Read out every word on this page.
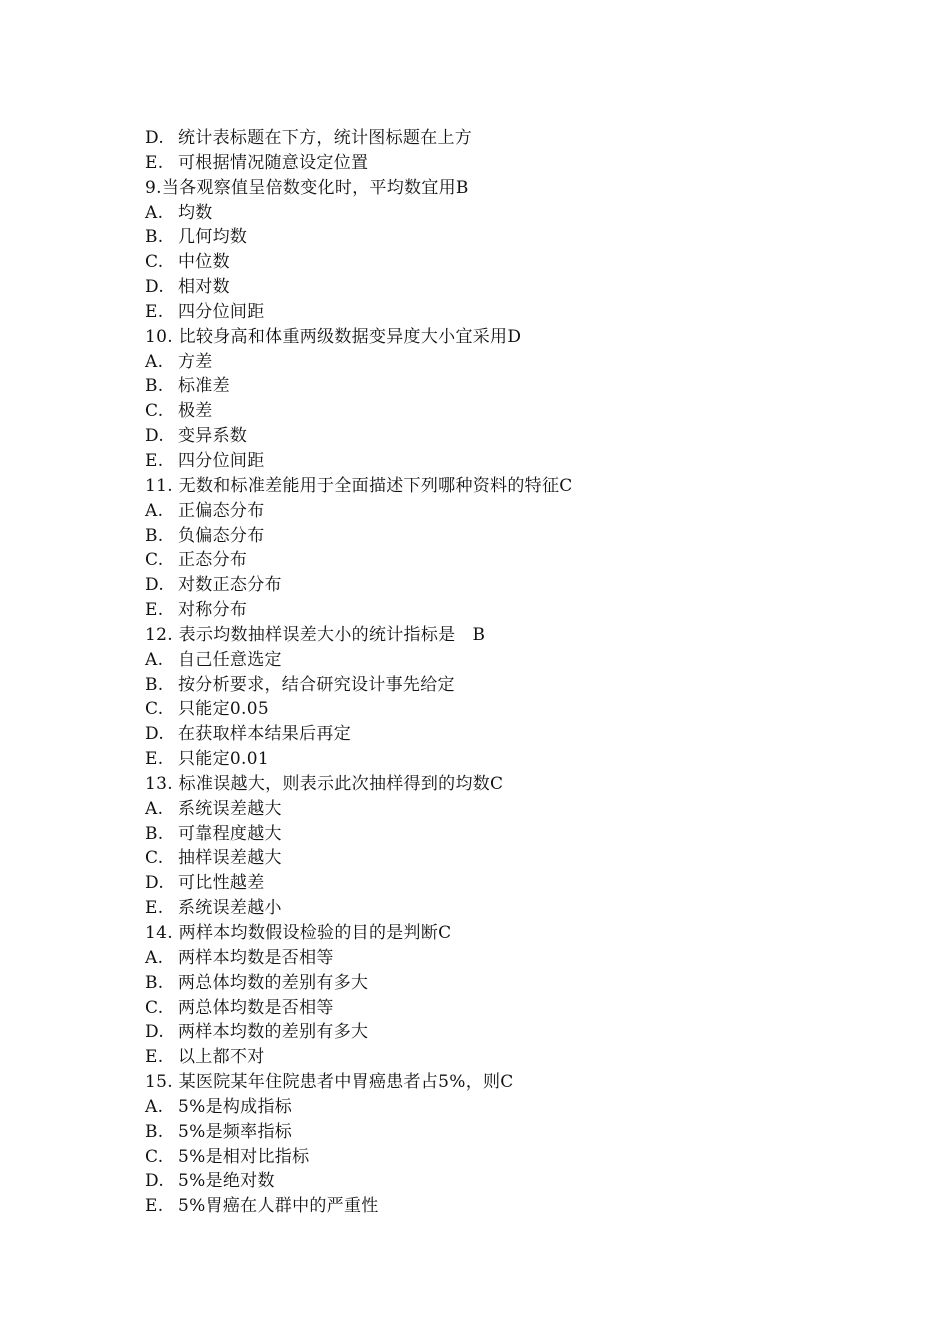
D. 统计表标题在下方，统计图标题在上方
E. 可根据情况随意设定位置
9.当各观察值呈倍数变化时，平均数宜用B
A. 均数
B. 几何均数
C. 中位数
D. 相对数
E. 四分位间距
10. 比较身高和体重两级数据变异度大小宜采用D
A. 方差
B. 标准差
C. 极差
D. 变异系数
E. 四分位间距
11. 无数和标准差能用于全面描述下列哪种资料的特征C
A. 正偏态分布
B. 负偏态分布
C. 正态分布
D. 对数正态分布
E. 对称分布
12. 表示均数抽样误差大小的统计指标是   B
A. 自己任意选定
B. 按分析要求，结合研究设计事先给定
C. 只能定0.05
D. 在获取样本结果后再定
E. 只能定0.01
13. 标准误越大，则表示此次抽样得到的均数C
A. 系统误差越大
B. 可靠程度越大
C. 抽样误差越大
D. 可比性越差
E. 系统误差越小
14. 两样本均数假设检验的目的是判断C
A. 两样本均数是否相等
B. 两总体均数的差别有多大
C. 两总体均数是否相等
D. 两样本均数的差别有多大
E. 以上都不对
15. 某医院某年住院患者中胃癌患者占5%，则C
A. 5%是构成指标
B. 5%是频率指标
C. 5%是相对比指标
D. 5%是绝对数
E. 5%胃癌在人群中的严重性
